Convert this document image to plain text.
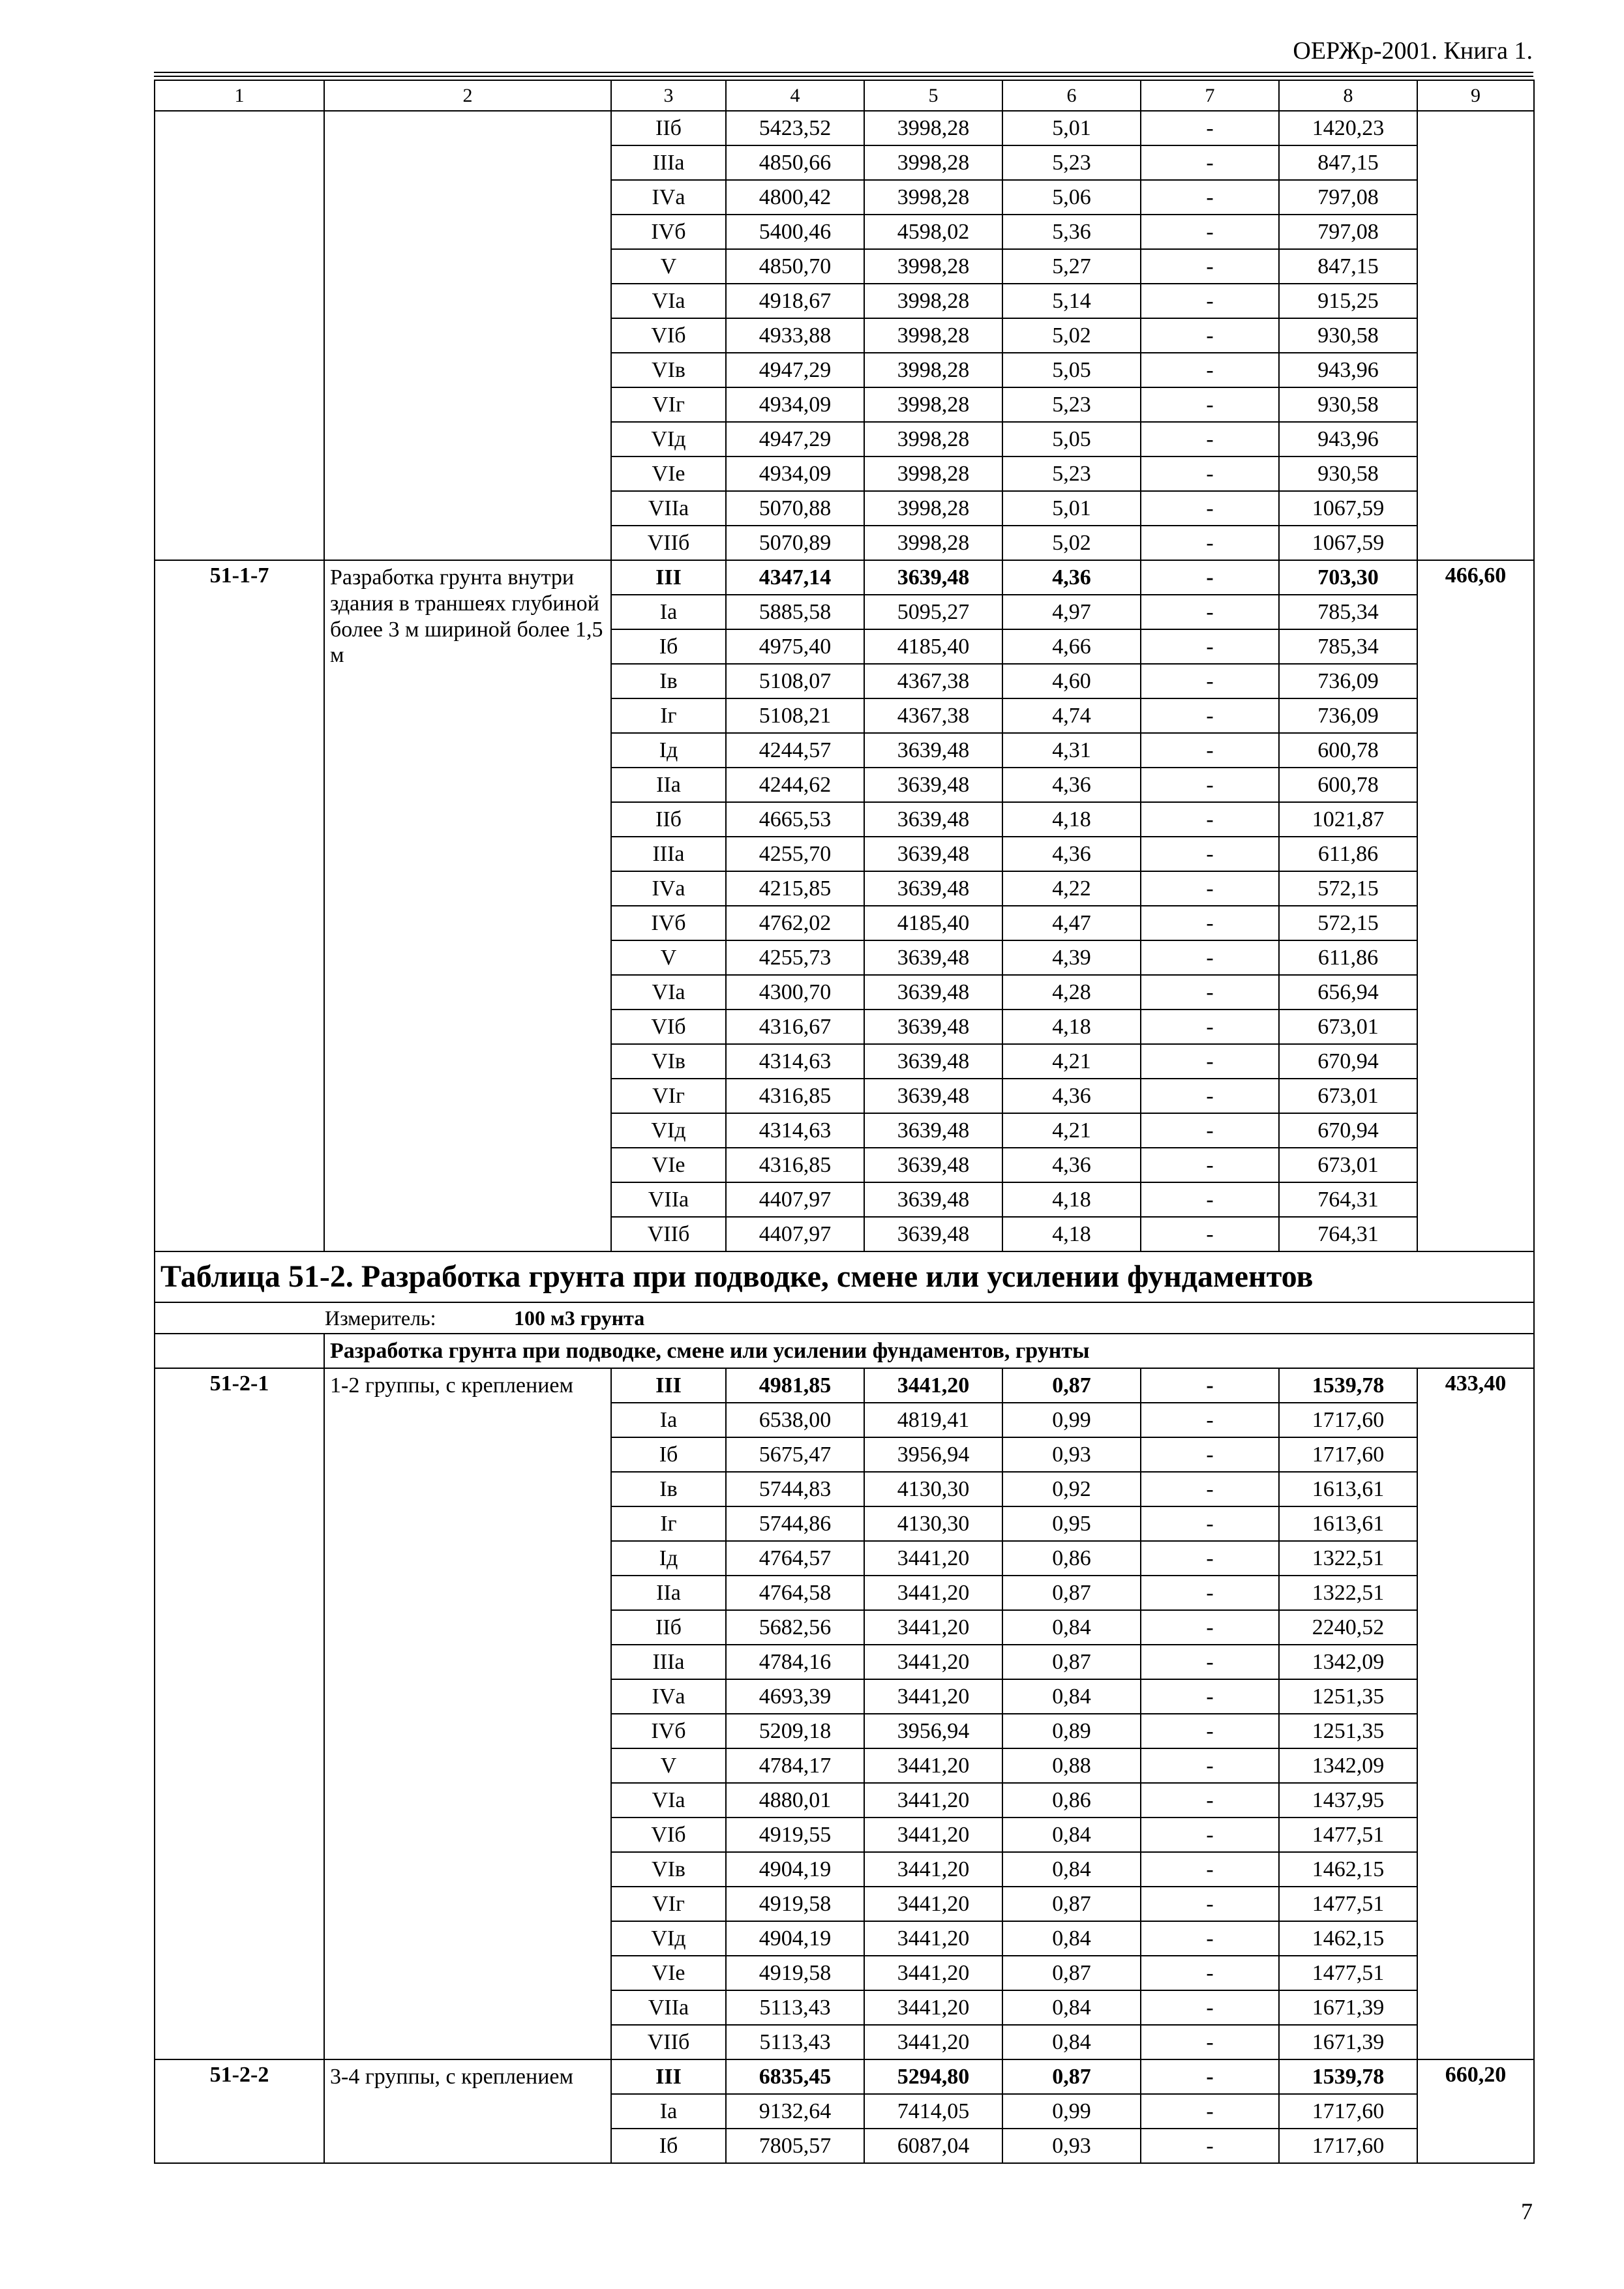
ОЕРЖр-2001. Книга 1.
1	2	3	4	5	6	7	8	9
		IIб	5423,52	3998,28	5,01	-	1420,23	
		IIIа	4850,66	3998,28	5,23	-	847,15	
		IVа	4800,42	3998,28	5,06	-	797,08	
		IVб	5400,46	4598,02	5,36	-	797,08	
		V	4850,70	3998,28	5,27	-	847,15	
		VIа	4918,67	3998,28	5,14	-	915,25	
		VIб	4933,88	3998,28	5,02	-	930,58	
		VIв	4947,29	3998,28	5,05	-	943,96	
		VIг	4934,09	3998,28	5,23	-	930,58	
		VIд	4947,29	3998,28	5,05	-	943,96	
		VIе	4934,09	3998,28	5,23	-	930,58	
		VIIа	5070,88	3998,28	5,01	-	1067,59	
		VIIб	5070,89	3998,28	5,02	-	1067,59	
51-1-7	Разработка грунта внутри здания в траншеях глубиной более 3 м шириной более 1,5 м	III	4347,14	3639,48	4,36	-	703,30	466,60
		Iа	5885,58	5095,27	4,97	-	785,34	
		Iб	4975,40	4185,40	4,66	-	785,34	
		Iв	5108,07	4367,38	4,60	-	736,09	
		Iг	5108,21	4367,38	4,74	-	736,09	
		Iд	4244,57	3639,48	4,31	-	600,78	
		IIа	4244,62	3639,48	4,36	-	600,78	
		IIб	4665,53	3639,48	4,18	-	1021,87	
		IIIа	4255,70	3639,48	4,36	-	611,86	
		IVа	4215,85	3639,48	4,22	-	572,15	
		IVб	4762,02	4185,40	4,47	-	572,15	
		V	4255,73	3639,48	4,39	-	611,86	
		VIа	4300,70	3639,48	4,28	-	656,94	
		VIб	4316,67	3639,48	4,18	-	673,01	
		VIв	4314,63	3639,48	4,21	-	670,94	
		VIг	4316,85	3639,48	4,36	-	673,01	
		VIд	4314,63	3639,48	4,21	-	670,94	
		VIе	4316,85	3639,48	4,36	-	673,01	
		VIIа	4407,97	3639,48	4,18	-	764,31	
		VIIб	4407,97	3639,48	4,18	-	764,31	
Таблица 51-2. Разработка грунта при подводке, смене или усилении фундаментов								
Измеритель: 100 м3 грунта								
	Разработка грунта при подводке, смене или усилении фундаментов, грунты							
51-2-1	1-2 группы, с креплением	III	4981,85	3441,20	0,87	-	1539,78	433,40
		Iа	6538,00	4819,41	0,99	-	1717,60	
		Iб	5675,47	3956,94	0,93	-	1717,60	
		Iв	5744,83	4130,30	0,92	-	1613,61	
		Iг	5744,86	4130,30	0,95	-	1613,61	
		Iд	4764,57	3441,20	0,86	-	1322,51	
		IIа	4764,58	3441,20	0,87	-	1322,51	
		IIб	5682,56	3441,20	0,84	-	2240,52	
		IIIа	4784,16	3441,20	0,87	-	1342,09	
		IVа	4693,39	3441,20	0,84	-	1251,35	
		IVб	5209,18	3956,94	0,89	-	1251,35	
		V	4784,17	3441,20	0,88	-	1342,09	
		VIа	4880,01	3441,20	0,86	-	1437,95	
		VIб	4919,55	3441,20	0,84	-	1477,51	
		VIв	4904,19	3441,20	0,84	-	1462,15	
		VIг	4919,58	3441,20	0,87	-	1477,51	
		VIд	4904,19	3441,20	0,84	-	1462,15	
		VIе	4919,58	3441,20	0,87	-	1477,51	
		VIIа	5113,43	3441,20	0,84	-	1671,39	
		VIIб	5113,43	3441,20	0,84	-	1671,39	
51-2-2	3-4 группы, с креплением	III	6835,45	5294,80	0,87	-	1539,78	660,20
		Iа	9132,64	7414,05	0,99	-	1717,60	
		Iб	7805,57	6087,04	0,93	-	1717,60	
7
